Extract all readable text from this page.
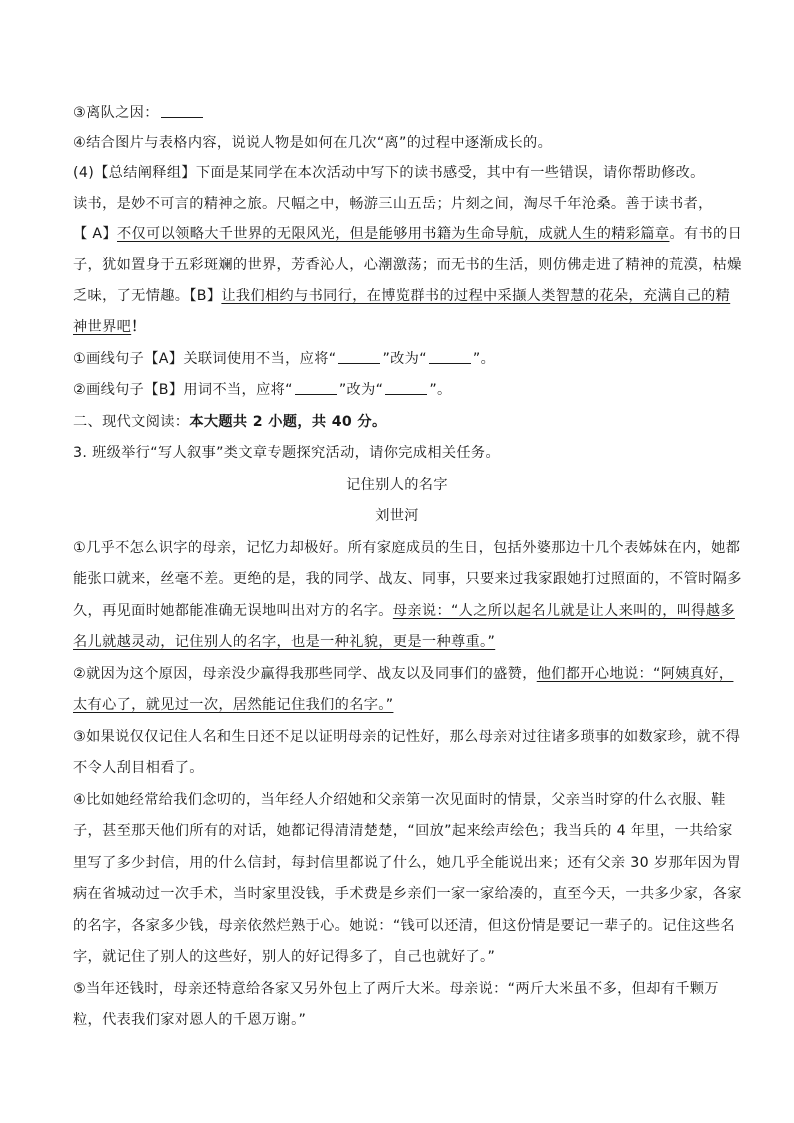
③离队之因：
④结合图片与表格内容，说说人物是如何在几次“离”的过程中逐渐成长的。
(4)【总结阐释组】下面是某同学在本次活动中写下的读书感受，其中有一些错误，请你帮助修改。
读书，是妙不可言的精神之旅。尺幅之中，畅游三山五岳；片刻之间，淘尽千年沧桑。善于读书者，
【 A】不仅可以领略大千世界的无限风光，但是能够用书籍为生命导航，成就人生的精彩篇章。有书的日
子，犹如置身于五彩斑斓的世界，芳香沁人，心潮激荡；而无书的生活，则仿佛走进了精神的荒漠，枯燥
乏味，了无情趣。【B】让我们相约与书同行，在博览群书的过程中采撷人类智慧的花朵，充满自己的精
神世界吧！
①画线句子【A】关联词使用不当，应将“	”改为“	”。
②画线句子【B】用词不当，应将“	”改为“	”。
二、现代文阅读：本大题共 2 小题，共 40 分。
3. 班级举行“写人叙事”类文章专题探究活动，请你完成相关任务。
记住别人的名字
刘世河
①几乎不怎么识字的母亲，记忆力却极好。所有家庭成员的生日，包括外婆那边十几个表姊妹在内，她都
能张口就来，丝毫不差。更绝的是，我的同学、战友、同事，只要来过我家跟她打过照面的，不管时隔多
久，再见面时她都能准确无误地叫出对方的名字。母亲说：“人之所以起名儿就是让人来叫的，叫得越多
名儿就越灵动，记住别人的名字，也是一种礼貌，更是一种尊重。”
②就因为这个原因，母亲没少赢得我那些同学、战友以及同事们的盛赞，他们都开心地说：“阿姨真好，
太有心了，就见过一次，居然能记住我们的名字。”
③如果说仅仅记住人名和生日还不足以证明母亲的记性好，那么母亲对过往诸多琐事的如数家珍，就不得
不令人刮目相看了。
④比如她经常给我们念叨的，当年经人介绍她和父亲第一次见面时的情景，父亲当时穿的什么衣服、鞋
子，甚至那天他们所有的对话，她都记得清清楚楚，“回放”起来绘声绘色；我当兵的 4 年里，一共给家
里写了多少封信，用的什么信封，每封信里都说了什么，她几乎全能说出来；还有父亲 30 岁那年因为胃
病在省城动过一次手术，当时家里没钱，手术费是乡亲们一家一家给凑的，直至今天，一共多少家，各家
的名字，各家多少钱，母亲依然烂熟于心。她说：“钱可以还清，但这份情是要记一辈子的。记住这些名
字，就记住了别人的这些好，别人的好记得多了，自己也就好了。”
⑤当年还钱时，母亲还特意给各家又另外包上了两斤大米。母亲说：“两斤大米虽不多，但却有千颗万
粒，代表我们家对恩人的千恩万谢。”
